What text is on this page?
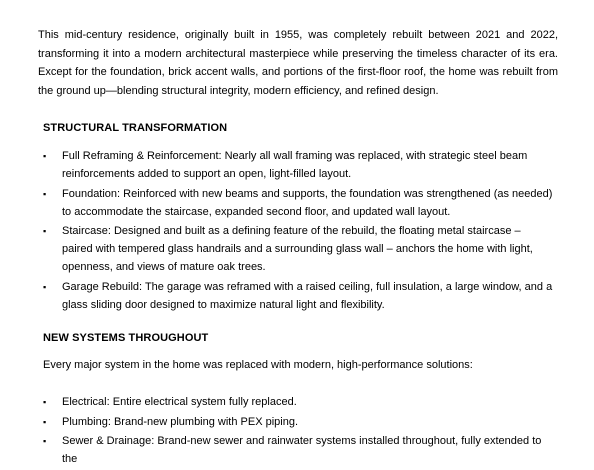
This mid-century residence, originally built in 1955, was completely rebuilt between 2021 and 2022, transforming it into a modern architectural masterpiece while preserving the timeless character of its era. Except for the foundation, brick accent walls, and portions of the first-floor roof, the home was rebuilt from the ground up—blending structural integrity, modern efficiency, and refined design.

STRUCTURAL TRANSFORMATION
▪ Full Reframing & Reinforcement: Nearly all wall framing was replaced, with strategic steel beam reinforcements added to support an open, light-filled layout.
▪ Foundation: Reinforced with new beams and supports, the foundation was strengthened (as needed) to accommodate the staircase, expanded second floor, and updated wall layout.
▪ Staircase: Designed and built as a defining feature of the rebuild, the floating metal staircase – paired with tempered glass handrails and a surrounding glass wall – anchors the home with light, openness, and views of mature oak trees.
▪ Garage Rebuild: The garage was reframed with a raised ceiling, full insulation, a large window, and a glass sliding door designed to maximize natural light and flexibility.
NEW SYSTEMS THROUGHOUT

Every major system in the home was replaced with modern, high-performance solutions:

▪ Electrical: Entire electrical system fully replaced.
▪ Plumbing: Brand-new plumbing with PEX piping.
▪ Sewer & Drainage: Brand-new sewer and rainwater systems installed throughout, fully extended to the
